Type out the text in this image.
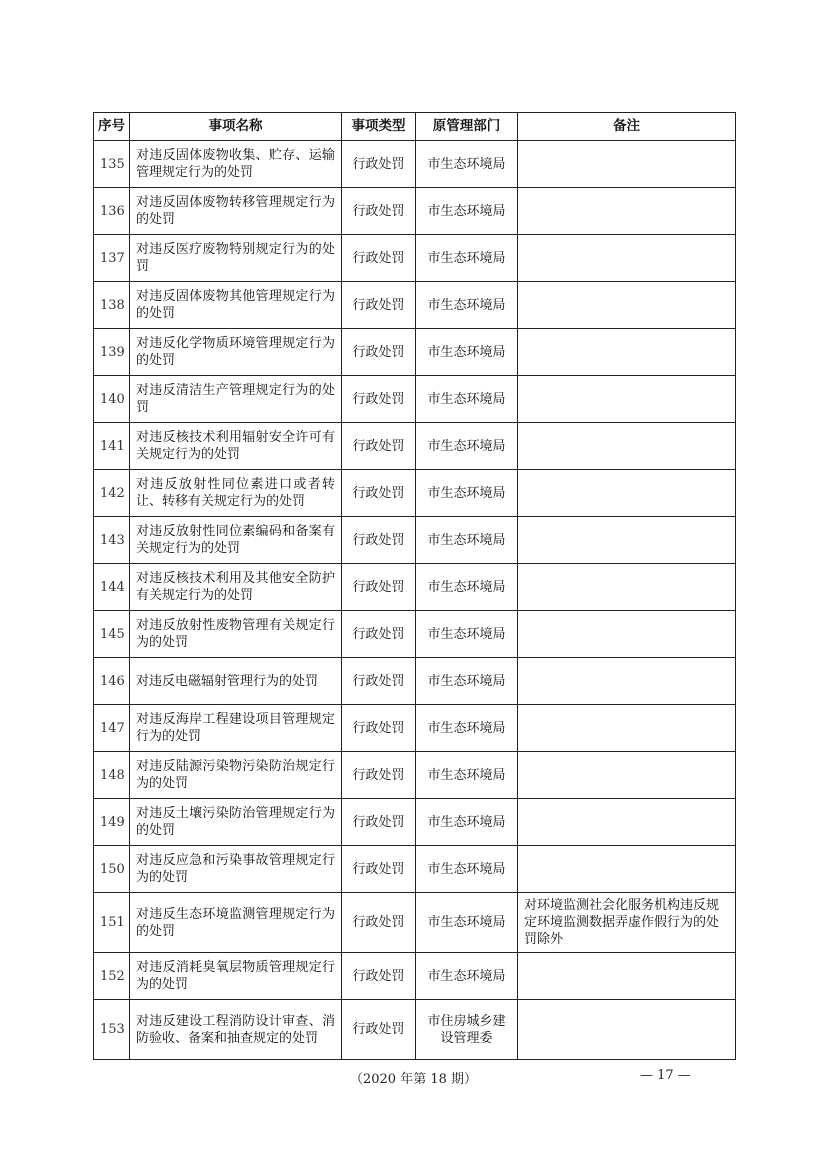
序号	事项名称	事项类型	原管理部门	备注
135	对违反固体废物收集、贮存、运输管理规定行为的处罚	行政处罚	市生态环境局	
136	对违反固体废物转移管理规定行为的处罚	行政处罚	市生态环境局	
137	对违反医疗废物特别规定行为的处罚	行政处罚	市生态环境局	
138	对违反固体废物其他管理规定行为的处罚	行政处罚	市生态环境局	
139	对违反化学物质环境管理规定行为的处罚	行政处罚	市生态环境局	
140	对违反清洁生产管理规定行为的处罚	行政处罚	市生态环境局	
141	对违反核技术利用辐射安全许可有关规定行为的处罚	行政处罚	市生态环境局	
142	对违反放射性同位素进口或者转让、转移有关规定行为的处罚	行政处罚	市生态环境局	
143	对违反放射性同位素编码和备案有关规定行为的处罚	行政处罚	市生态环境局	
144	对违反核技术利用及其他安全防护有关规定行为的处罚	行政处罚	市生态环境局	
145	对违反放射性废物管理有关规定行为的处罚	行政处罚	市生态环境局	
146	对违反电磁辐射管理行为的处罚	行政处罚	市生态环境局	
147	对违反海岸工程建设项目管理规定行为的处罚	行政处罚	市生态环境局	
148	对违反陆源污染物污染防治规定行为的处罚	行政处罚	市生态环境局	
149	对违反土壤污染防治管理规定行为的处罚	行政处罚	市生态环境局	
150	对违反应急和污染事故管理规定行为的处罚	行政处罚	市生态环境局	
151	对违反生态环境监测管理规定行为的处罚	行政处罚	市生态环境局	对环境监测社会化服务机构违反规定环境监测数据弄虚作假行为的处罚除外
152	对违反消耗臭氧层物质管理规定行为的处罚	行政处罚	市生态环境局	
153	对违反建设工程消防设计审查、消防验收、备案和抽查规定的处罚	行政处罚	市住房城乡建设管理委	
（2020 年第 18 期）	— 17 —
